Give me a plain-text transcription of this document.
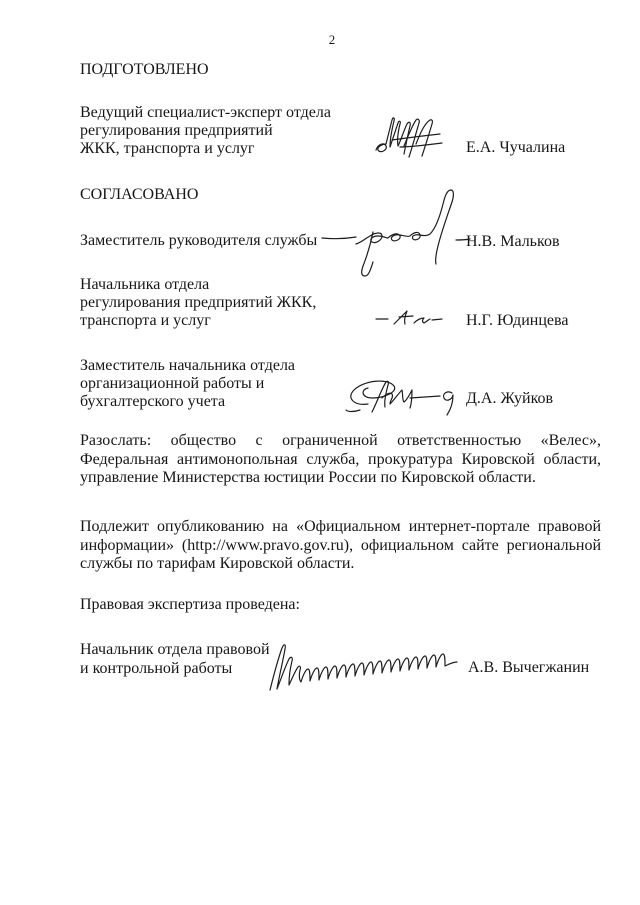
2
ПОДГОТОВЛЕНО
Ведущий специалист-эксперт отдела
регулирования предприятий
ЖКК, транспорта и услуг	Е.А. Чучалина
СОГЛАСОВАНО
Заместитель руководителя службы	Н.В. Мальков
Начальника отдела
регулирования предприятий ЖКК,
транспорта и услуг	Н.Г. Юдинцева
Заместитель начальника отдела
организационной работы и
бухгалтерского учета	Д.А. Жуйков
Разослать: общество с ограниченной ответственностью «Велес»,
Федеральная антимонопольная служба, прокуратура Кировской области,
управление Министерства юстиции России по Кировской области.
Подлежит опубликованию на «Официальном интернет-портале правовой
информации» (http://www.pravo.gov.ru), официальном сайте региональной
службы по тарифам Кировской области.
Правовая экспертиза проведена:
Начальник отдела правовой
и контрольной работы	А.В. Вычегжанин
